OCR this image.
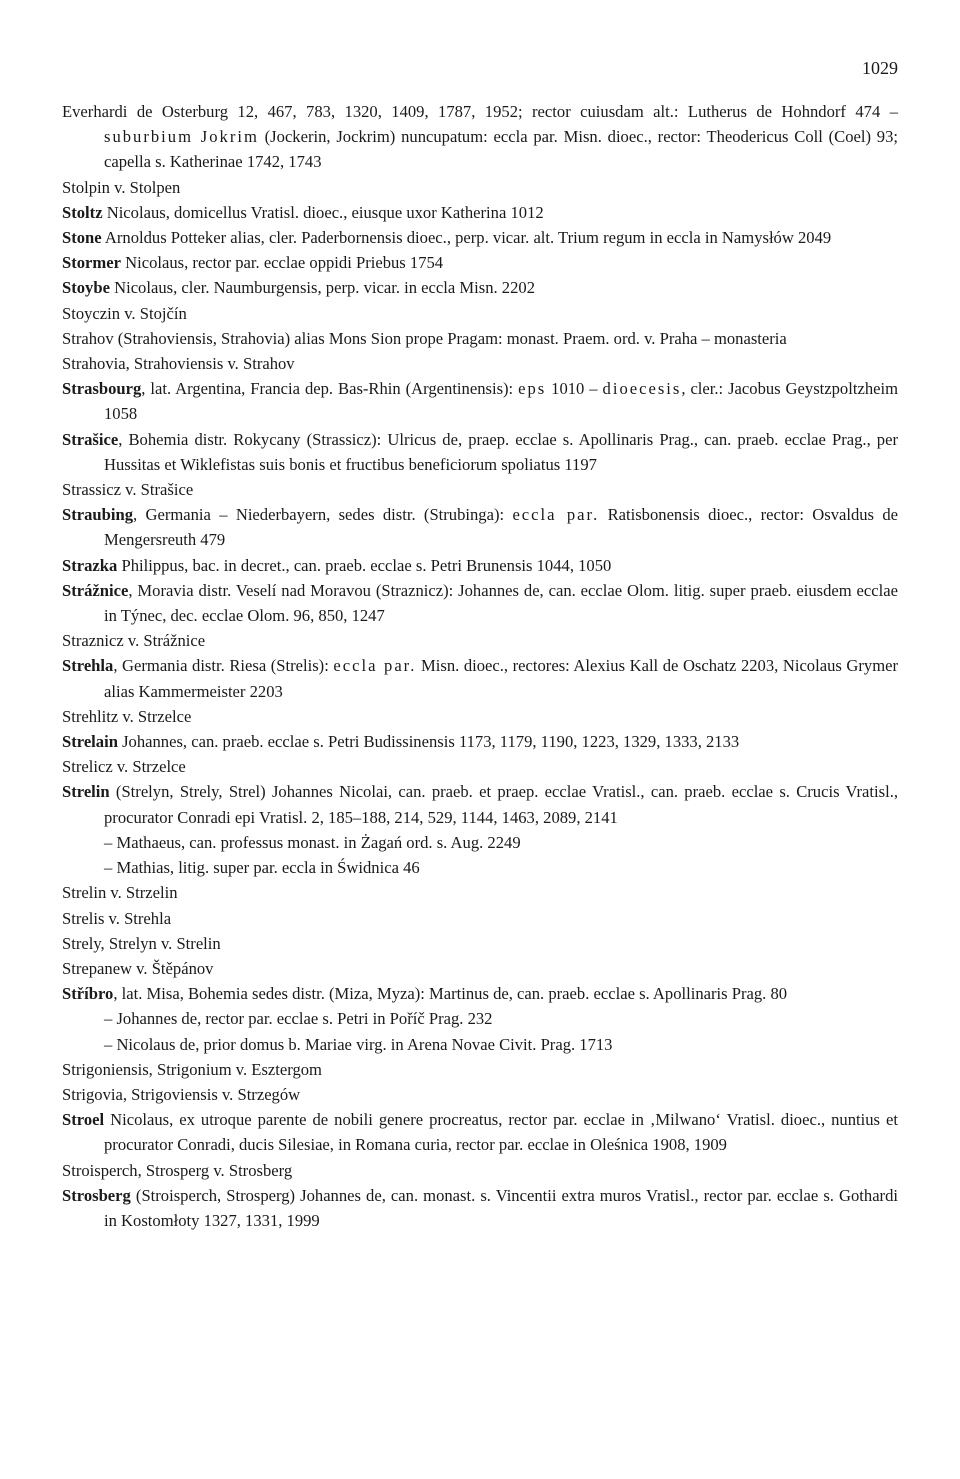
1029
Everhardi de Osterburg 12, 467, 783, 1320, 1409, 1787, 1952; rector cuiusdam alt.: Lutherus de Hohndorf 474 – suburbium Jokrim (Jockerin, Jockrim) nuncupatum: eccla par. Misn. dioec., rector: Theodericus Coll (Coel) 93; capella s. Katherinae 1742, 1743
Stolpin v. Stolpen
Stoltz Nicolaus, domicellus Vratisl. dioec., eiusque uxor Katherina 1012
Stone Arnoldus Potteker alias, cler. Paderbornensis dioec., perp. vicar. alt. Trium regum in eccla in Namysłów 2049
Stormer Nicolaus, rector par. ecclae oppidi Priebus 1754
Stoybe Nicolaus, cler. Naumburgensis, perp. vicar. in eccla Misn. 2202
Stoyczin v. Stojčín
Strahov (Strahoviensis, Strahovia) alias Mons Sion prope Pragam: monast. Praem. ord. v. Praha – monasteria
Strahovia, Strahoviensis v. Strahov
Strasbourg, lat. Argentina, Francia dep. Bas-Rhin (Argentinensis): eps 1010 – dioecesis, cler.: Jacobus Geystzpoltzheim 1058
Strašice, Bohemia distr. Rokycany (Strassicz): Ulricus de, praep. ecclae s. Apollinaris Prag., can. praeb. ecclae Prag., per Hussitas et Wiklefistas suis bonis et fructibus beneficiorum spoliatus 1197
Strassicz v. Strašice
Straubing, Germania – Niederbayern, sedes distr. (Strubinga): eccla par. Ratisbonensis dioec., rector: Osvaldus de Mengersreuth 479
Strazka Philippus, bac. in decret., can. praeb. ecclae s. Petri Brunensis 1044, 1050
Strážnice, Moravia distr. Veselí nad Moravou (Straznicz): Johannes de, can. ecclae Olom. litig. super praeb. eiusdem ecclae in Týnec, dec. ecclae Olom. 96, 850, 1247
Straznicz v. Strážnice
Strehla, Germania distr. Riesa (Strelis): eccla par. Misn. dioec., rectores: Alexius Kall de Oschatz 2203, Nicolaus Grymer alias Kammermeister 2203
Strehlitz v. Strzelce
Strelain Johannes, can. praeb. ecclae s. Petri Budissinensis 1173, 1179, 1190, 1223, 1329, 1333, 2133
Strelicz v. Strzelce
Strelin (Strelyn, Strely, Strel) Johannes Nicolai, can. praeb. et praep. ecclae Vratisl., can. praeb. ecclae s. Crucis Vratisl., procurator Conradi epi Vratisl. 2, 185–188, 214, 529, 1144, 1463, 2089, 2141
– Mathaeus, can. professus monast. in Żagań ord. s. Aug. 2249
– Mathias, litig. super par. eccla in Świdnica 46
Strelin v. Strzelin
Strelis v. Strehla
Strely, Strelyn v. Strelin
Strepanew v. Štěpánov
Stříbro, lat. Misa, Bohemia sedes distr. (Miza, Myza): Martinus de, can. praeb. ecclae s. Apollinaris Prag. 80
– Johannes de, rector par. ecclae s. Petri in Poříč Prag. 232
– Nicolaus de, prior domus b. Mariae virg. in Arena Novae Civit. Prag. 1713
Strigoniensis, Strigonium v. Esztergom
Strigovia, Strigoviensis v. Strzegów
Stroel Nicolaus, ex utroque parente de nobili genere procreatus, rector par. ecclae in ‚Milwano‘ Vratisl. dioec., nuntius et procurator Conradi, ducis Silesiae, in Romana curia, rector par. ecclae in Oleśnica 1908, 1909
Stroisperch, Strosperg v. Strosberg
Strosberg (Stroisperch, Strosperg) Johannes de, can. monast. s. Vincentii extra muros Vratisl., rector par. ecclae s. Gothardi in Kostomłoty 1327, 1331, 1999
